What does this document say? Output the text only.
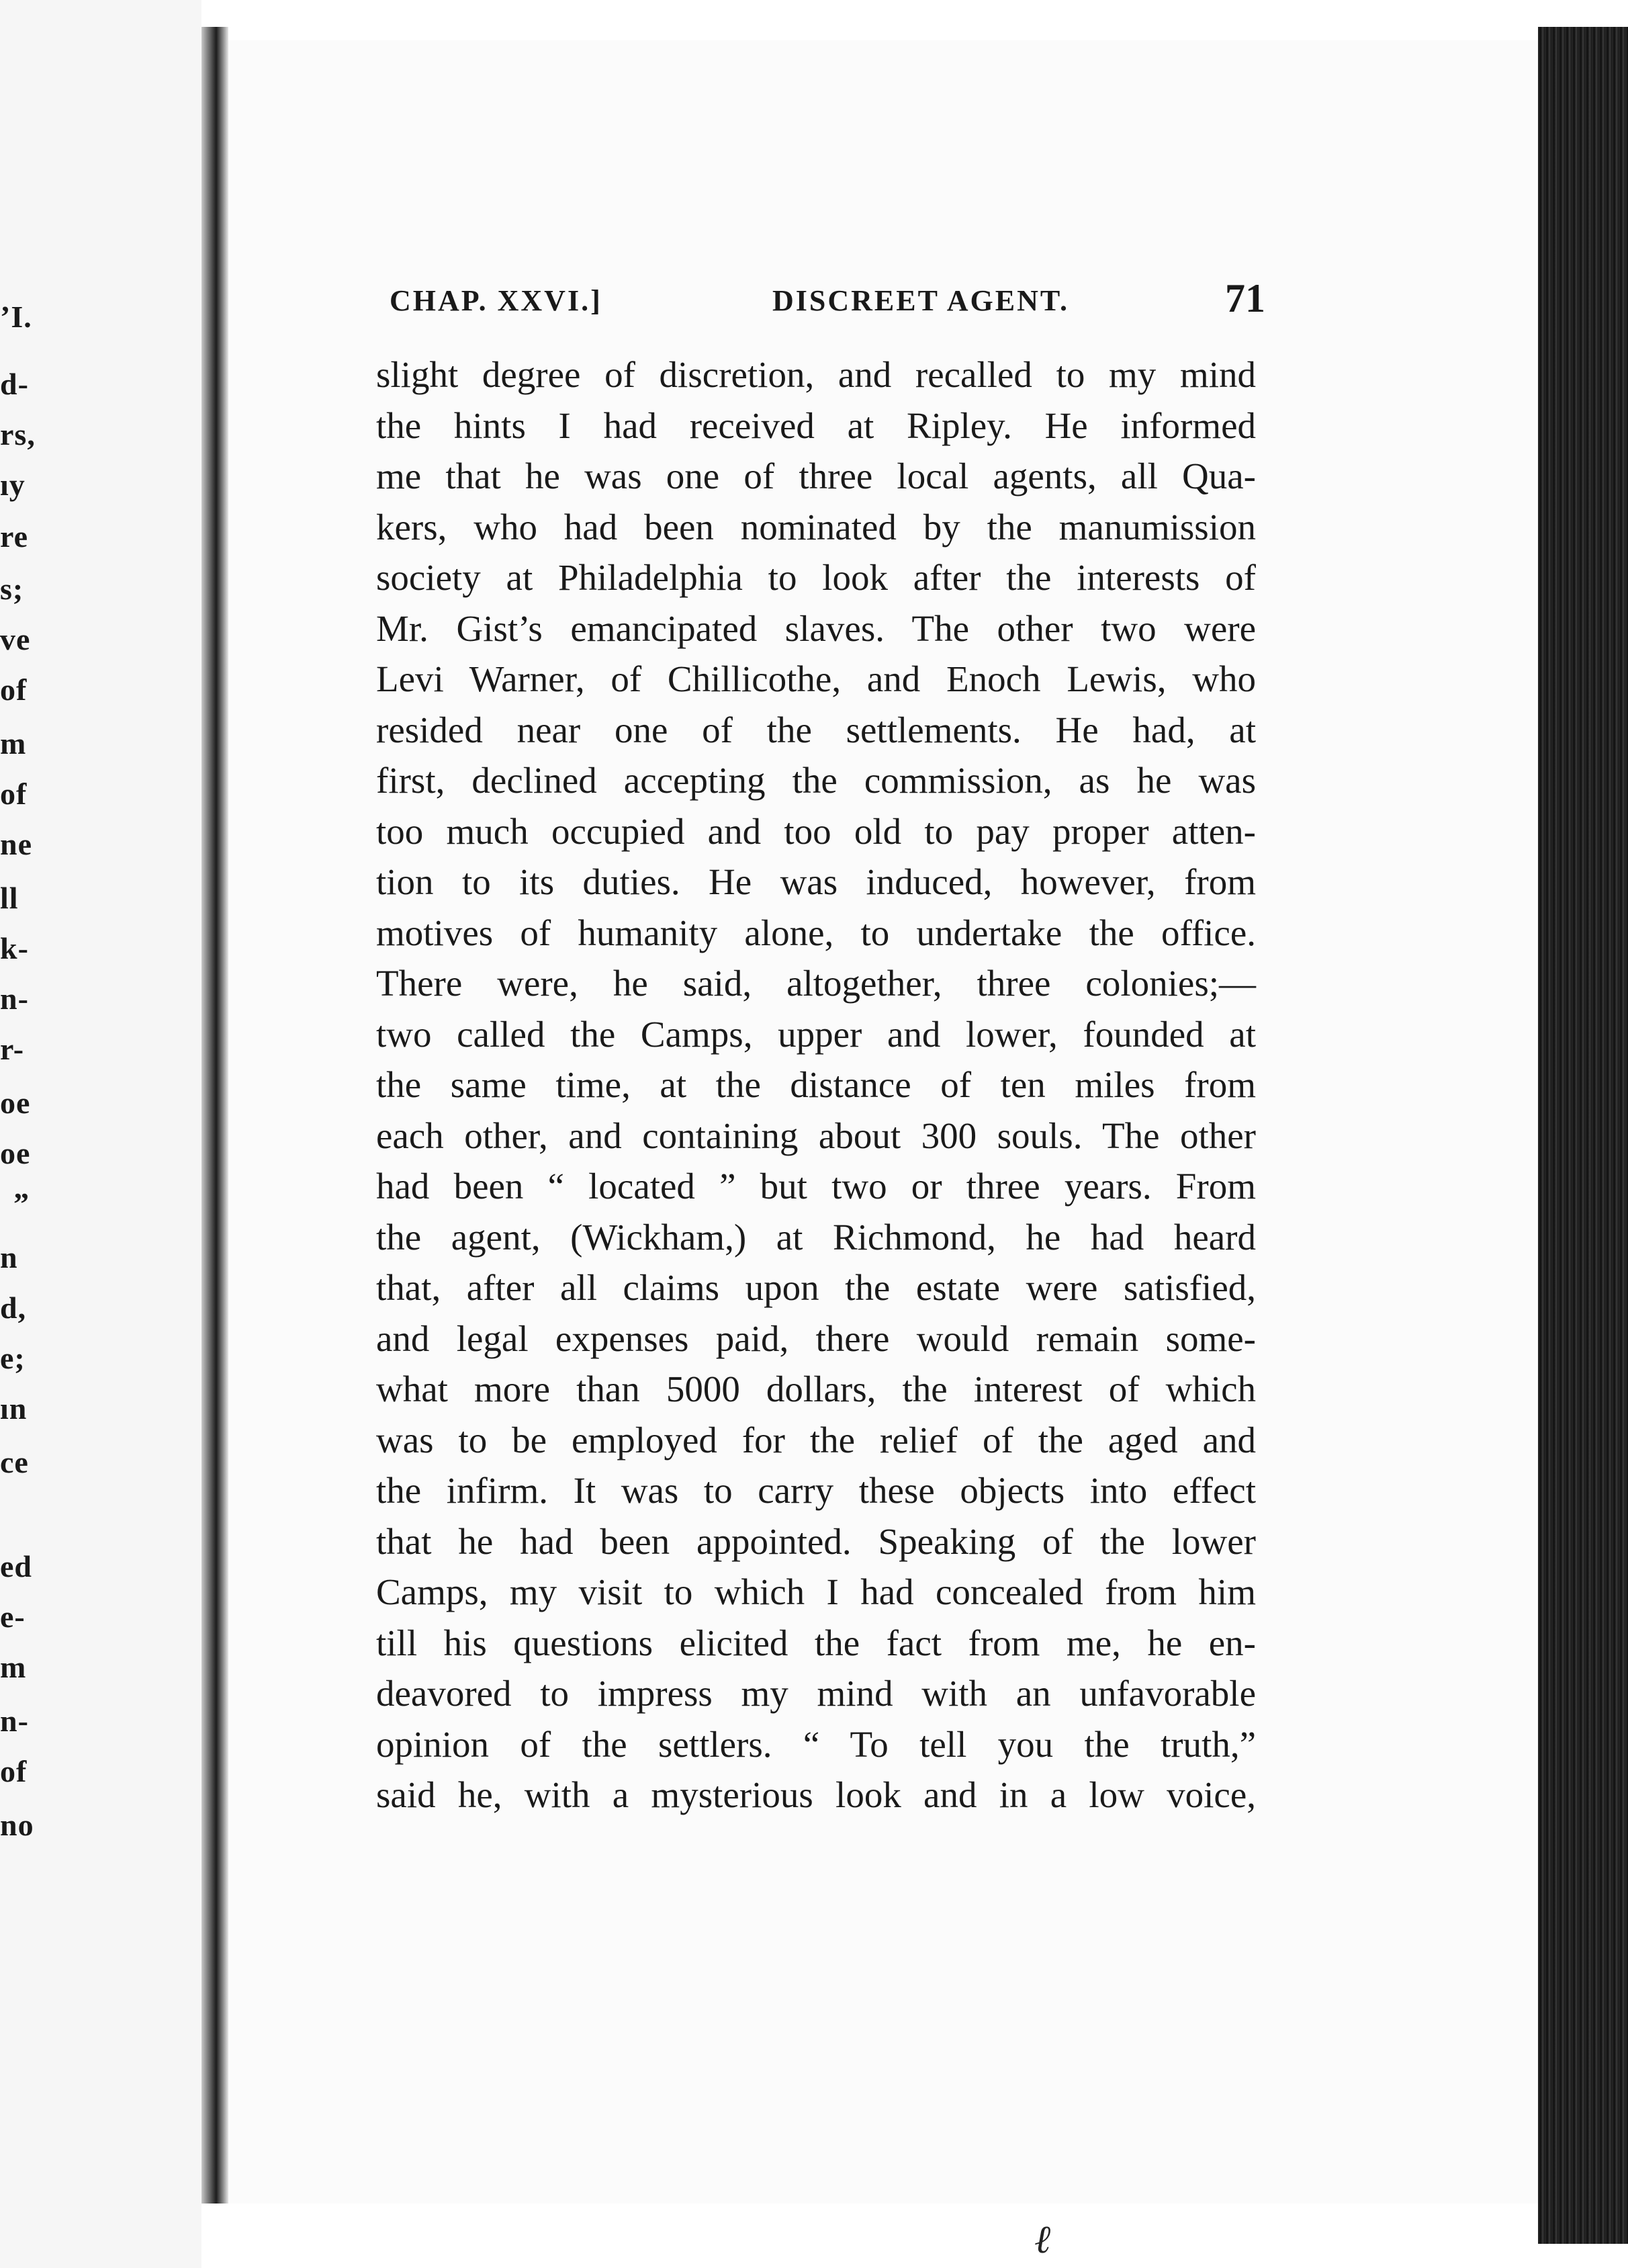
ʼI.
d-
rs,
ıy
re
s;
ve
of
m
of
ne
ll
k-
n-
r-
oe
oe
”
n
d,
e;
ın
ce
ed
e-
m
n-
of
no
CHAP. XXVI.]	DISCREET AGENT.	71
slight degree of discretion, and recalled to my mind
the hints I had received at Ripley. He informed
me that he was one of three local agents, all Qua-
kers, who had been nominated by the manumission
society at Philadelphia to look after the interests of
Mr. Gist’s emancipated slaves. The other two were
Levi Warner, of Chillicothe, and Enoch Lewis, who
resided near one of the settlements. He had, at
first, declined accepting the commission, as he was
too much occupied and too old to pay proper atten-
tion to its duties. He was induced, however, from
motives of humanity alone, to undertake the office.
There were, he said, altogether, three colonies;—
two called the Camps, upper and lower, founded at
the same time, at the distance of ten miles from
each other, and containing about 300 souls. The other
had been “ located ” but two or three years. From
the agent, (Wickham,) at Richmond, he had heard
that, after all claims upon the estate were satisfied,
and legal expenses paid, there would remain some-
what more than 5000 dollars, the interest of which
was to be employed for the relief of the aged and
the infirm. It was to carry these objects into effect
that he had been appointed. Speaking of the lower
Camps, my visit to which I had concealed from him
till his questions elicited the fact from me, he en-
deavored to impress my mind with an unfavorable
opinion of the settlers. “ To tell you the truth,”
said he, with a mysterious look and in a low voice,
ℓ
